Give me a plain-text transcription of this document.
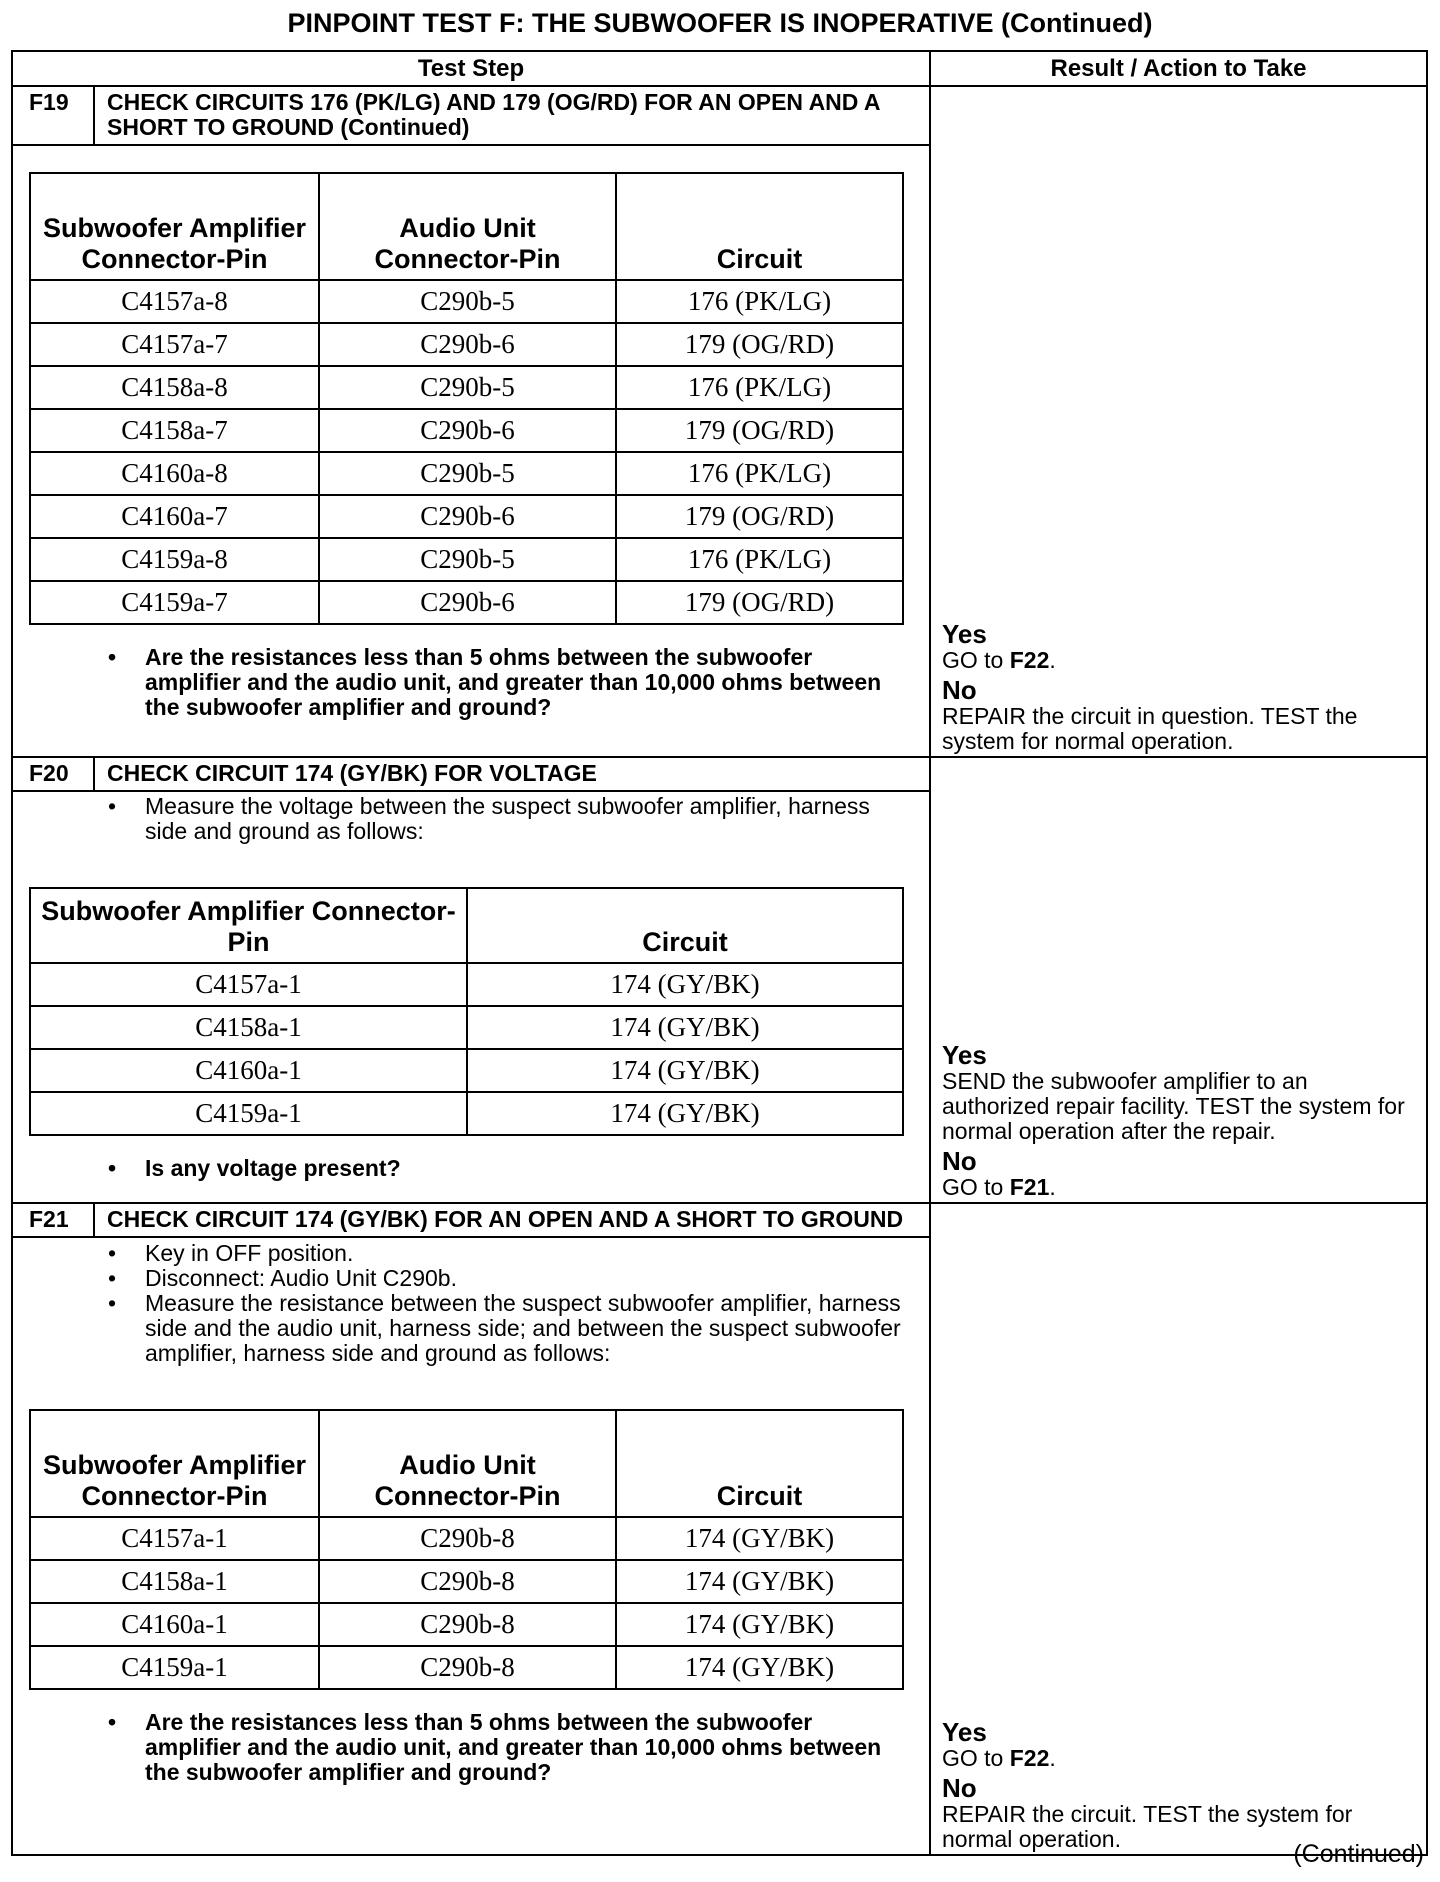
PINPOINT TEST F: THE SUBWOOFER IS INOPERATIVE (Continued)
Test Step	Result / Action to Take

F19	CHECK CIRCUITS 176 (PK/LG) AND 179 (OG/RD) FOR AN OPEN AND A SHORT TO GROUND (Continued)
Subwoofer Amplifier Connector-Pin	Audio Unit Connector-Pin	Circuit
C4157a-8	C290b-5	176 (PK/LG)
C4157a-7	C290b-6	179 (OG/RD)
C4158a-8	C290b-5	176 (PK/LG)
C4158a-7	C290b-6	179 (OG/RD)
C4160a-8	C290b-5	176 (PK/LG)
C4160a-7	C290b-6	179 (OG/RD)
C4159a-8	C290b-5	176 (PK/LG)
C4159a-7	C290b-6	179 (OG/RD)
• Are the resistances less than 5 ohms between the subwoofer amplifier and the audio unit, and greater than 10,000 ohms between the subwoofer amplifier and ground?

Yes
GO to F22.
No
REPAIR the circuit in question. TEST the system for normal operation.

F20	CHECK CIRCUIT 174 (GY/BK) FOR VOLTAGE
• Measure the voltage between the suspect subwoofer amplifier, harness side and ground as follows:
Subwoofer Amplifier Connector-Pin	Circuit
C4157a-1	174 (GY/BK)
C4158a-1	174 (GY/BK)
C4160a-1	174 (GY/BK)
C4159a-1	174 (GY/BK)
• Is any voltage present?

Yes
SEND the subwoofer amplifier to an authorized repair facility. TEST the system for normal operation after the repair.
No
GO to F21.

F21	CHECK CIRCUIT 174 (GY/BK) FOR AN OPEN AND A SHORT TO GROUND
• Key in OFF position.
• Disconnect: Audio Unit C290b.
• Measure the resistance between the suspect subwoofer amplifier, harness side and the audio unit, harness side; and between the suspect subwoofer amplifier, harness side and ground as follows:
Subwoofer Amplifier Connector-Pin	Audio Unit Connector-Pin	Circuit
C4157a-1	C290b-8	174 (GY/BK)
C4158a-1	C290b-8	174 (GY/BK)
C4160a-1	C290b-8	174 (GY/BK)
C4159a-1	C290b-8	174 (GY/BK)
• Are the resistances less than 5 ohms between the subwoofer amplifier and the audio unit, and greater than 10,000 ohms between the subwoofer amplifier and ground?

Yes
GO to F22.
No
REPAIR the circuit. TEST the system for normal operation.
(Continued)
